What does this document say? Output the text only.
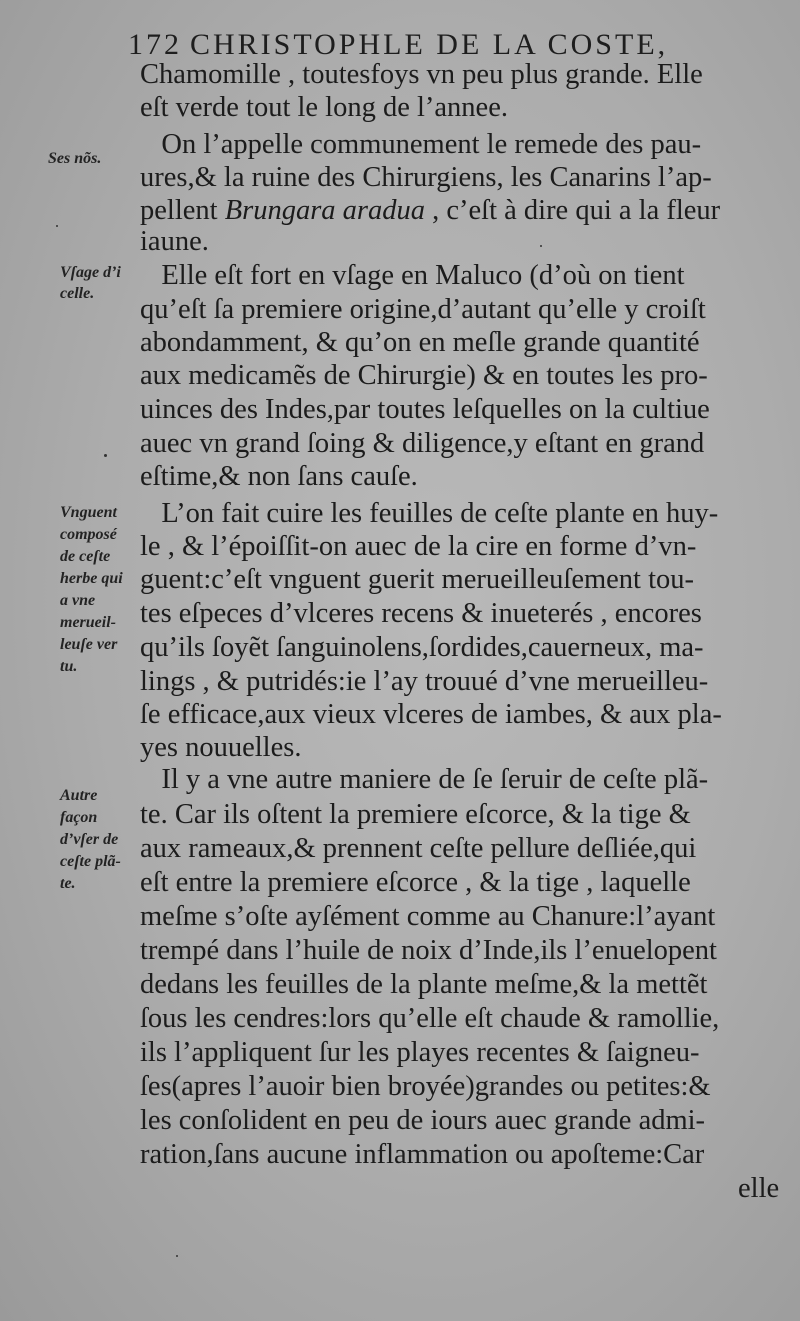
172 CHRISTOPHLE DE LA COSTE,
Chamomille , toutesfoys vn peu plus grande. Elle
eſt verde tout le long de l’annee.
On l’appelle communement le remede des pau-
ures,& la ruine des Chirurgiens, les Canarins l’ap-
pellent Brungara aradua , c’eſt à dire qui a la fleur
iaune.
Elle eſt fort en vſage en Maluco (d’où on tient
qu’eſt ſa premiere origine,d’autant qu’elle y croiſt
abondamment, & qu’on en meſle grande quantité
aux medicamẽs de Chirurgie) & en toutes les pro-
uinces des Indes,par toutes leſquelles on la cultiue
auec vn grand ſoing & diligence,y eſtant en grand
eſtime,& non ſans cauſe.
L’on fait cuire les feuilles de ceſte plante en huy-
le , & l’époiſſit-on auec de la cire en forme d’vn-
guent:c’eſt vnguent guerit merueilleuſement tou-
tes eſpeces d’vlceres recens & inueterés , encores
qu’ils ſoyẽt ſanguinolens,ſordides,cauerneux, ma-
lings , & putridés:ie l’ay trouué d’vne merueilleu-
ſe efficace,aux vieux vlceres de iambes, & aux pla-
yes nouuelles.
Il y a vne autre maniere de ſe ſeruir de ceſte plã-
te. Car ils oſtent la premiere eſcorce, & la tige &
aux rameaux,& prennent ceſte pellure deſliée,qui
eſt entre la premiere eſcorce , & la tige , laquelle
meſme s’oſte ayſément comme au Chanure:l’ayant
trempé dans l’huile de noix d’Inde,ils l’enuelopent
dedans les feuilles de la plante meſme,& la mettẽt
ſous les cendres:lors qu’elle eſt chaude & ramollie,
ils l’appliquent ſur les playes recentes & ſaigneu-
ſes(apres l’auoir bien broyée)grandes ou petites:&
les conſolident en peu de iours auec grande admi-
ration,ſans aucune inflammation ou apoſteme:Car
elle
Ses nõs.
Vſage d’i
celle.
Vnguent
composé
de ceſte
herbe qui
a vne
merueil-
leuſe ver
tu.
Autre
façon
d’vſer de
ceſte plã-
te.
